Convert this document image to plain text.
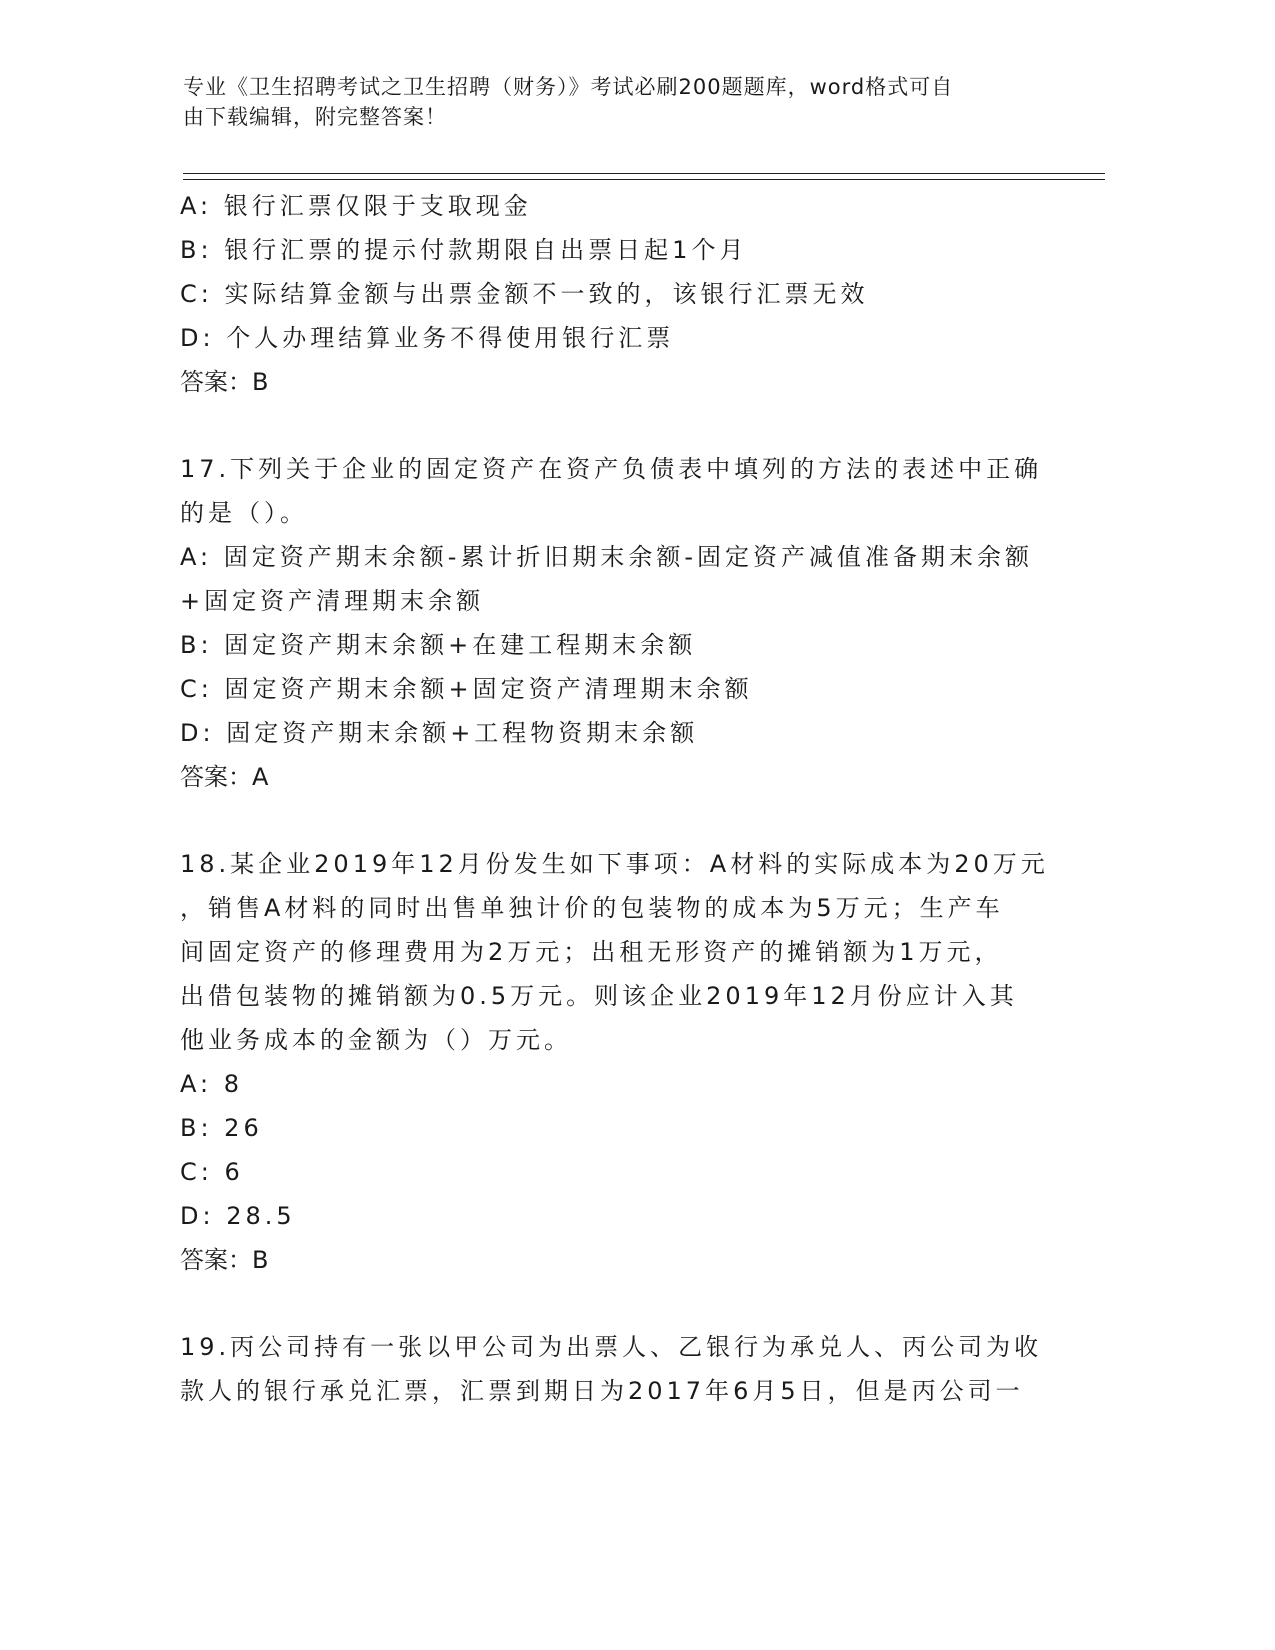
专业《卫生招聘考试之卫生招聘（财务）》考试必刷200题题库，word格式可自
由下载编辑，附完整答案！
A: 银行汇票仅限于支取现金
B: 银行汇票的提示付款期限自出票日起1个月
C: 实际结算金额与出票金额不一致的，该银行汇票无效
D: 个人办理结算业务不得使用银行汇票
答案：B
17.下列关于企业的固定资产在资产负债表中填列的方法的表述中正确
的是（）。
A: 固定资产期末余额-累计折旧期末余额-固定资产减值准备期末余额
+固定资产清理期末余额
B: 固定资产期末余额+在建工程期末余额
C: 固定资产期末余额+固定资产清理期末余额
D: 固定资产期末余额+工程物资期末余额
答案：A
18.某企业2019年12月份发生如下事项：A材料的实际成本为20万元
，销售A材料的同时出售单独计价的包装物的成本为5万元；生产车
间固定资产的修理费用为2万元；出租无形资产的摊销额为1万元，
出借包装物的摊销额为0.5万元。则该企业2019年12月份应计入其
他业务成本的金额为（）万元。
A: 8
B: 26
C: 6
D: 28.5
答案：B
19.丙公司持有一张以甲公司为出票人、乙银行为承兑人、丙公司为收
款人的银行承兑汇票，汇票到期日为2017年6月5日，但是丙公司一
